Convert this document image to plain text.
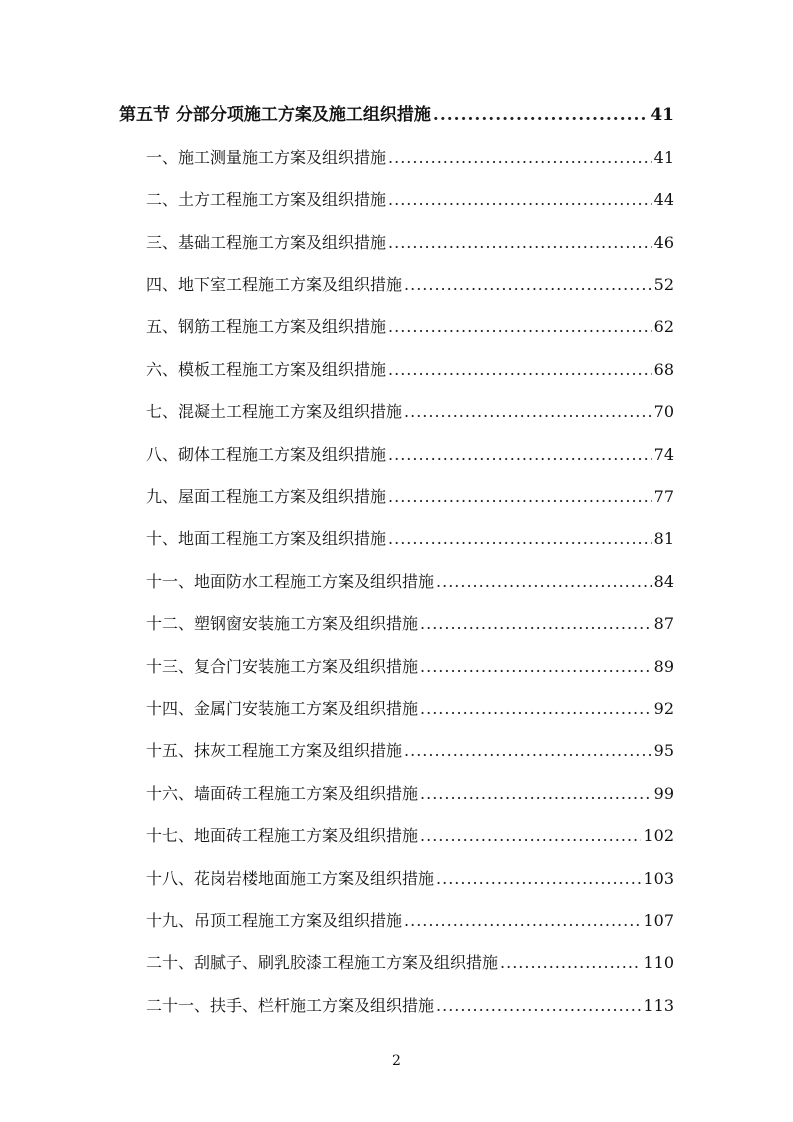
第五节 分部分项施工方案及施工组织措施 .....	41
一、施工测量施工方案及组织措施 .....	41
二、土方工程施工方案及组织措施 .....	44
三、基础工程施工方案及组织措施 .....	46
四、地下室工程施工方案及组织措施 .....	52
五、钢筋工程施工方案及组织措施 .....	62
六、模板工程施工方案及组织措施 .....	68
七、混凝土工程施工方案及组织措施 .....	70
八、砌体工程施工方案及组织措施 .....	74
九、屋面工程施工方案及组织措施 .....	77
十、地面工程施工方案及组织措施 .....	81
十一、地面防水工程施工方案及组织措施 .....	84
十二、塑钢窗安装施工方案及组织措施 .....	87
十三、复合门安装施工方案及组织措施 .....	89
十四、金属门安装施工方案及组织措施 .....	92
十五、抹灰工程施工方案及组织措施 .....	95
十六、墙面砖工程施工方案及组织措施 .....	99
十七、地面砖工程施工方案及组织措施 .....	102
十八、花岗岩楼地面施工方案及组织措施 .....	103
十九、吊顶工程施工方案及组织措施 .....	107
二十、刮腻子、刷乳胶漆工程施工方案及组织措施 .....	110
二十一、扶手、栏杆施工方案及组织措施 .....	113
2
